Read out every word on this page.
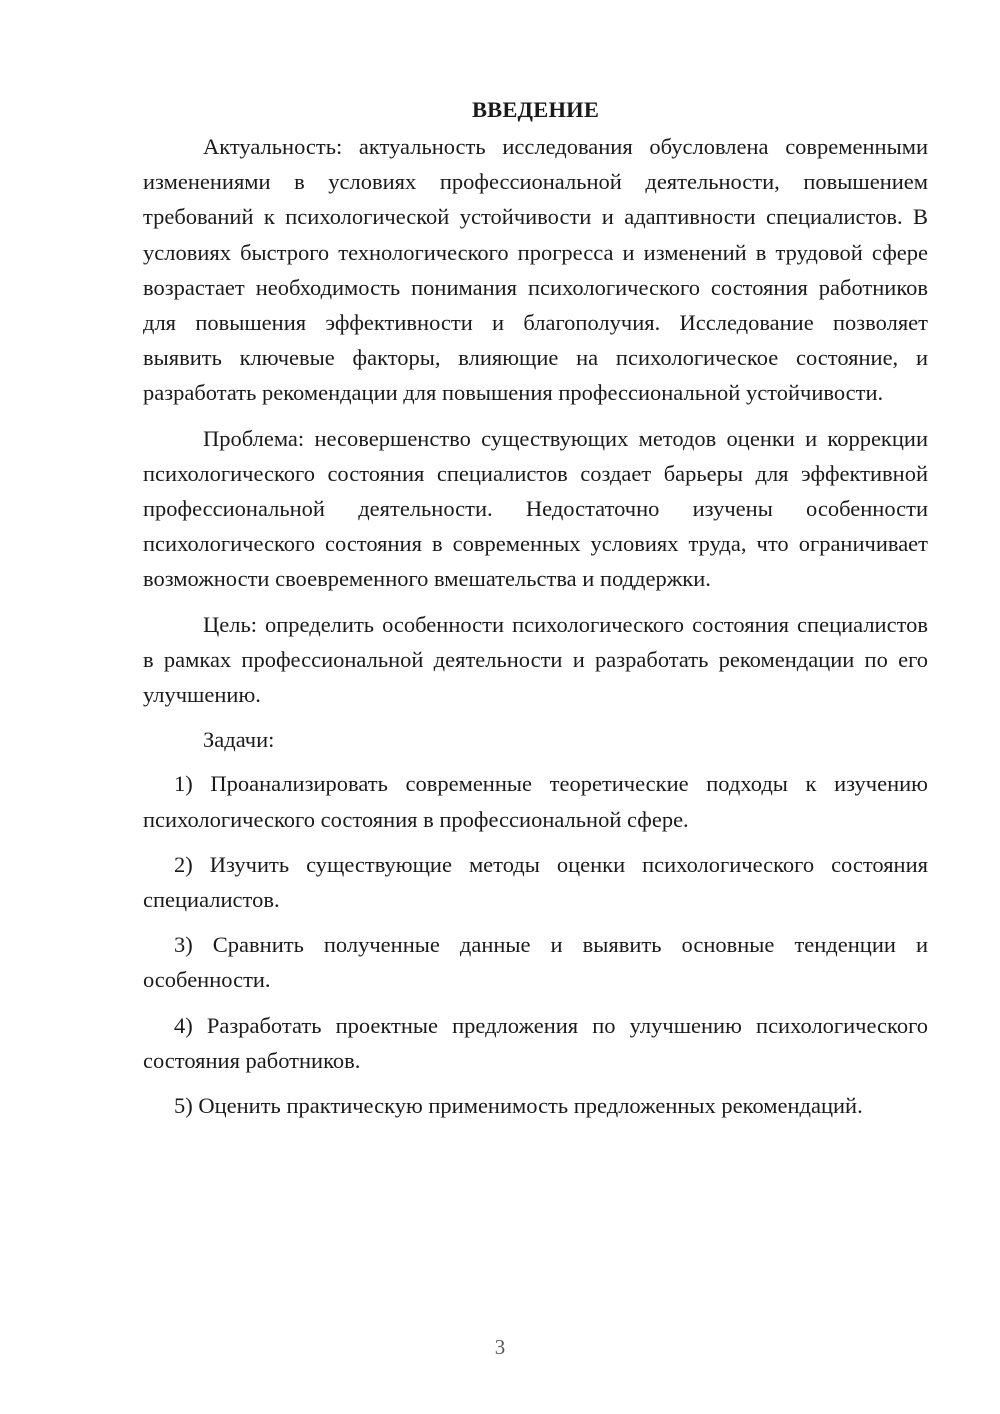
ВВЕДЕНИЕ

Актуальность: актуальность исследования обусловлена современными изменениями в условиях профессиональной деятельности, повышением требований к психологической устойчивости и адаптивности специалистов. В условиях быстрого технологического прогресса и изменений в трудовой сфере возрастает необходимость понимания психологического состояния работников для повышения эффективности и благополучия. Исследование позволяет выявить ключевые факторы, влияющие на психологическое состояние, и разработать рекомендации для повышения профессиональной устойчивости.

Проблема: несовершенство существующих методов оценки и коррекции психологического состояния специалистов создает барьеры для эффективной профессиональной деятельности. Недостаточно изучены особенности психологического состояния в современных условиях труда, что ограничивает возможности своевременного вмешательства и поддержки.

Цель: определить особенности психологического состояния специалистов в рамках профессиональной деятельности и разработать рекомендации по его улучшению.

Задачи:

1) Проанализировать современные теоретические подходы к изучению психологического состояния в профессиональной сфере.

2) Изучить существующие методы оценки психологического состояния специалистов.

3) Сравнить полученные данные и выявить основные тенденции и особенности.

4) Разработать проектные предложения по улучшению психологического состояния работников.

5) Оценить практическую применимость предложенных рекомендаций.

3
